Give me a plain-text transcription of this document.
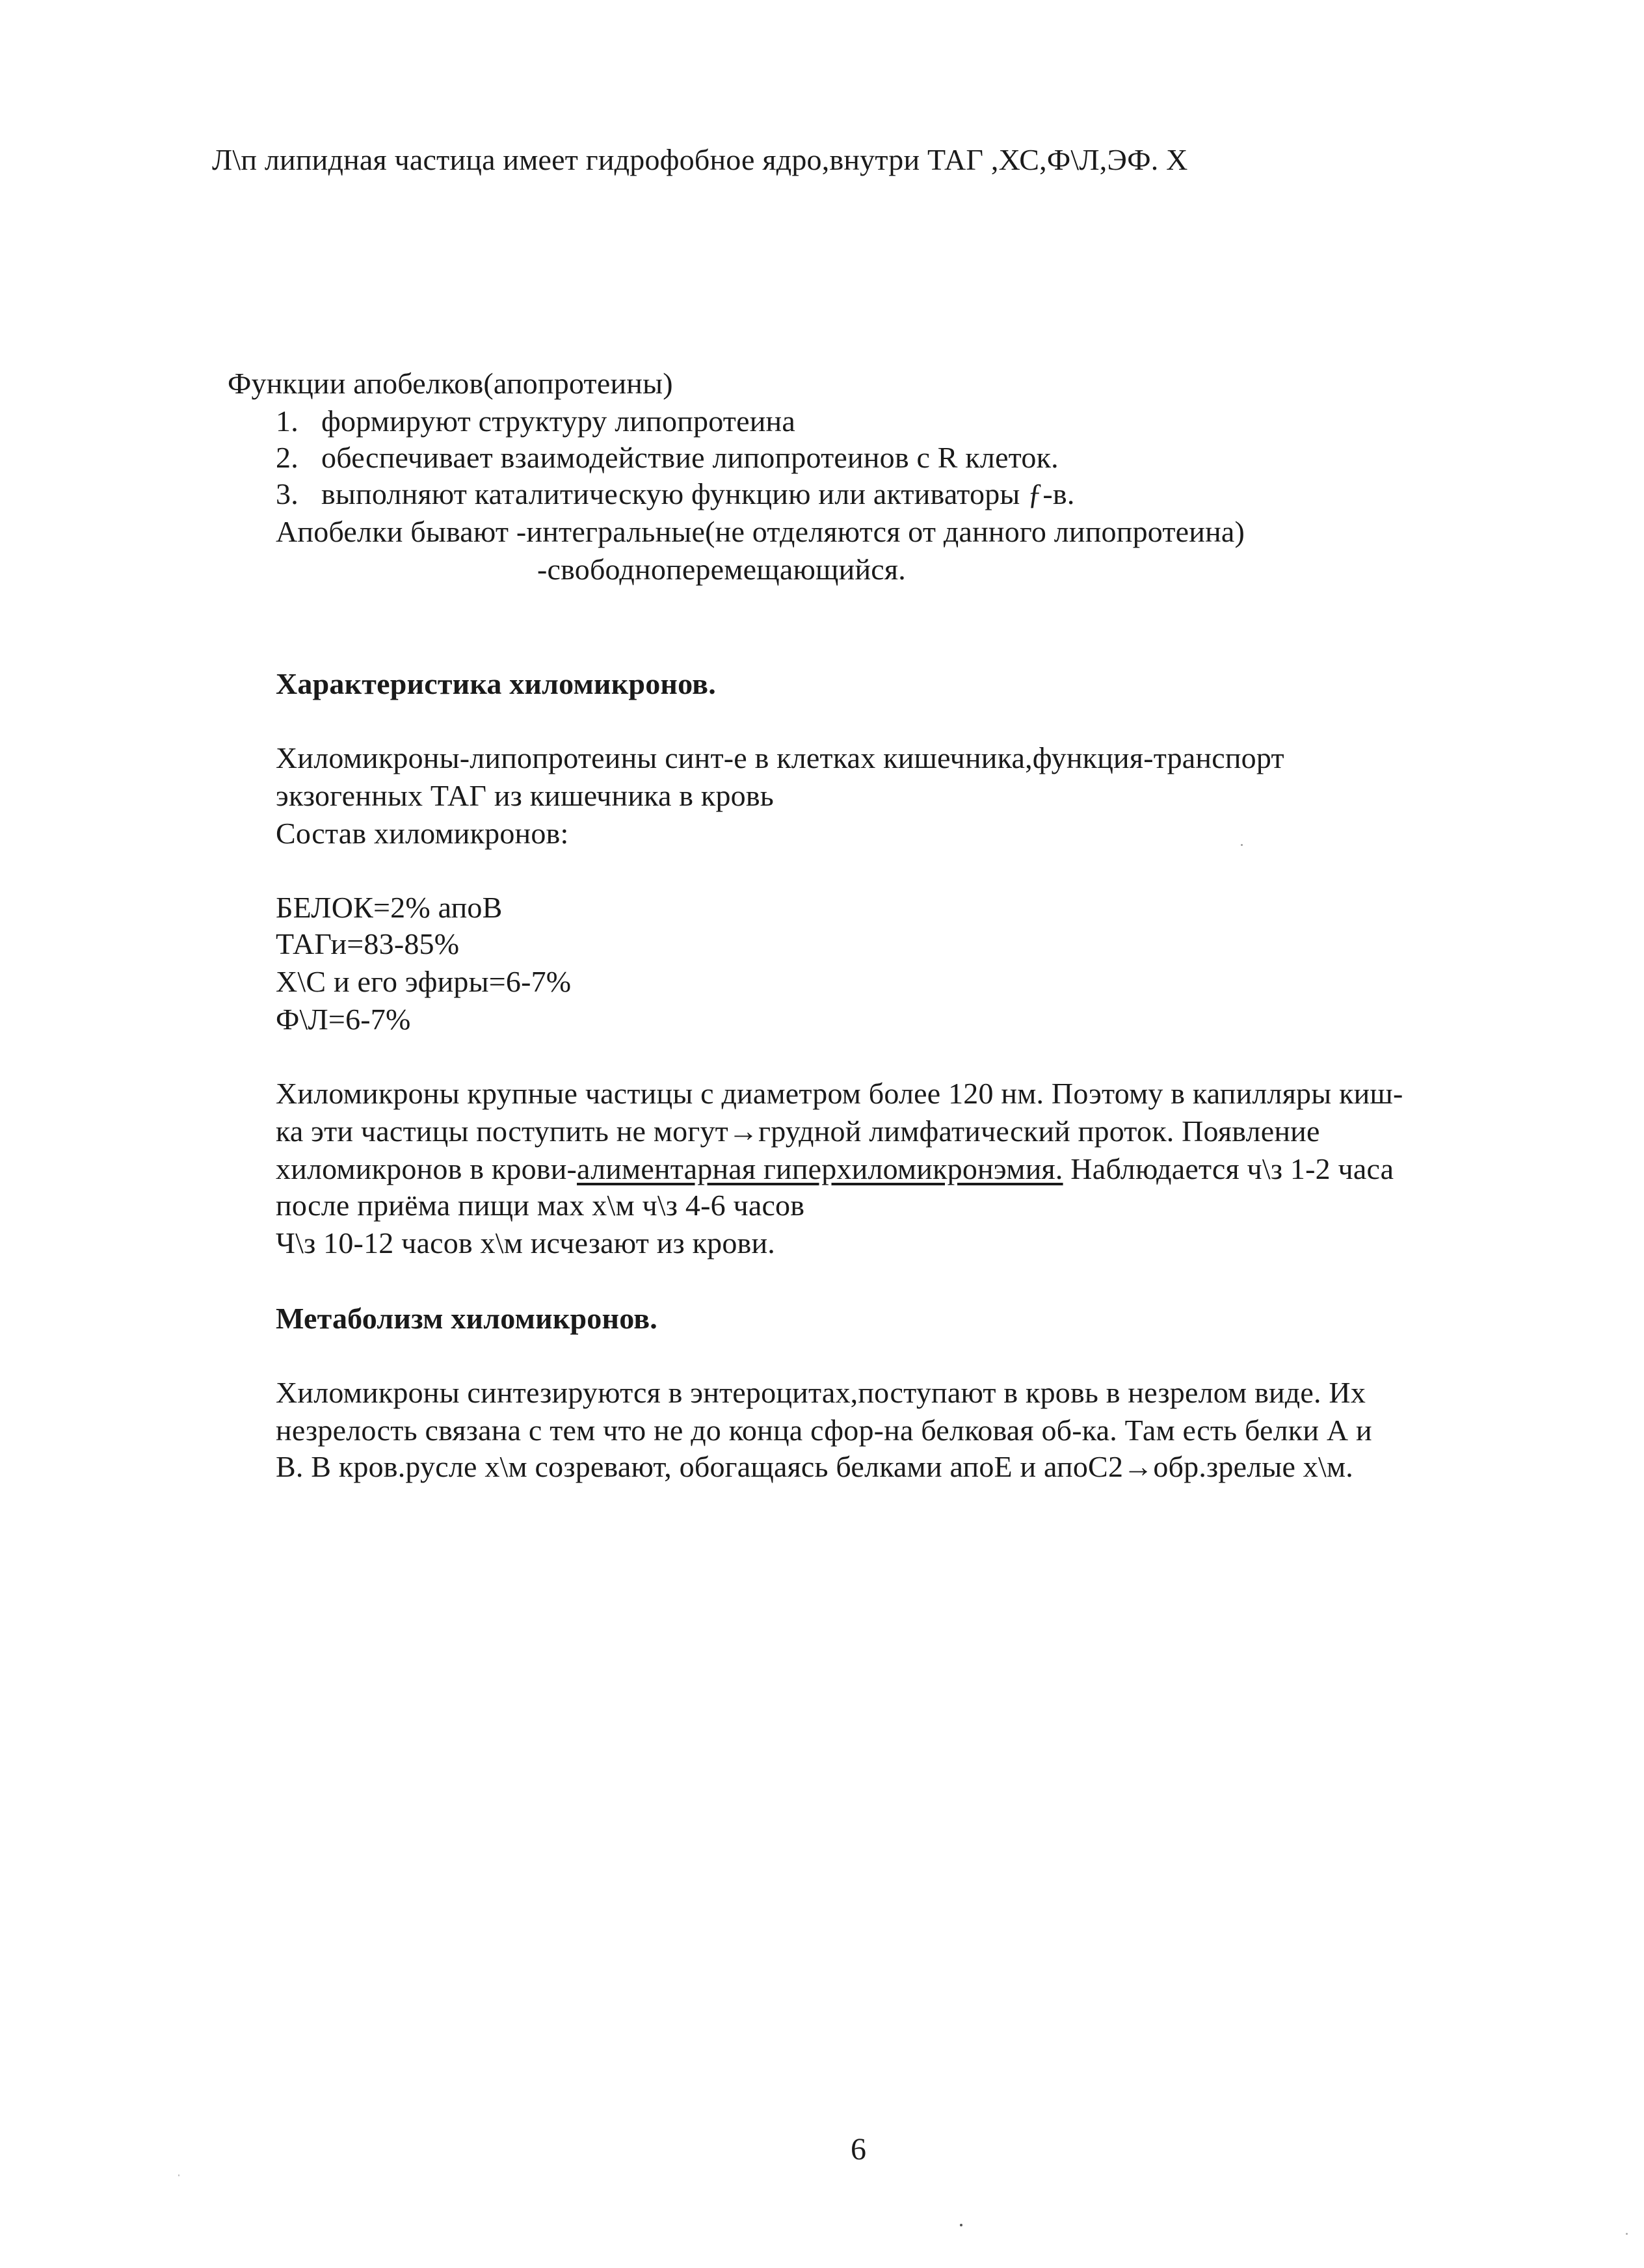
Л\п липидная частица имеет гидрофобное ядро,внутри ТАГ ,ХС,Ф\Л,ЭФ. Х
Функции апобелков(апопротеины)
1. формируют структуру липопротеина
2. обеспечивает взаимодействие липопротеинов с R клеток.
3. выполняют каталитическую функцию или активаторы ƒ-в.
Апобелки бывают -интегральные(не отделяются от данного липопротеина)
-свободноперемещающийся.
Характеристика хиломикронов.
Хиломикроны-липопротеины синт-е в клетках кишечника,функция-транспорт
экзогенных ТАГ из кишечника в кровь
Состав хиломикронов:
БЕЛОК=2% апоВ
ТАГи=83-85%
Х\С и его эфиры=6-7%
Ф\Л=6-7%
Хиломикроны крупные частицы с диаметром более 120 нм. Поэтому в капилляры киш-
ка эти частицы поступить не могут→грудной лимфатический проток. Появление
хиломикронов в крови-алиментарная гиперхиломикронэмия. Наблюдается ч\з 1-2 часа
после приёма пищи мах х\м ч\з 4-6 часов
Ч\з 10-12 часов х\м исчезают из крови.
Метаболизм хиломикронов.
Хиломикроны синтезируются в энтероцитах,поступают в кровь в незрелом виде. Их
незрелость связана с тем что не до конца сфор-на белковая об-ка. Там есть белки А и
В. В кров.русле х\м созревают, обогащаясь белками апоЕ и апоС2→обр.зрелые х\м.
6
